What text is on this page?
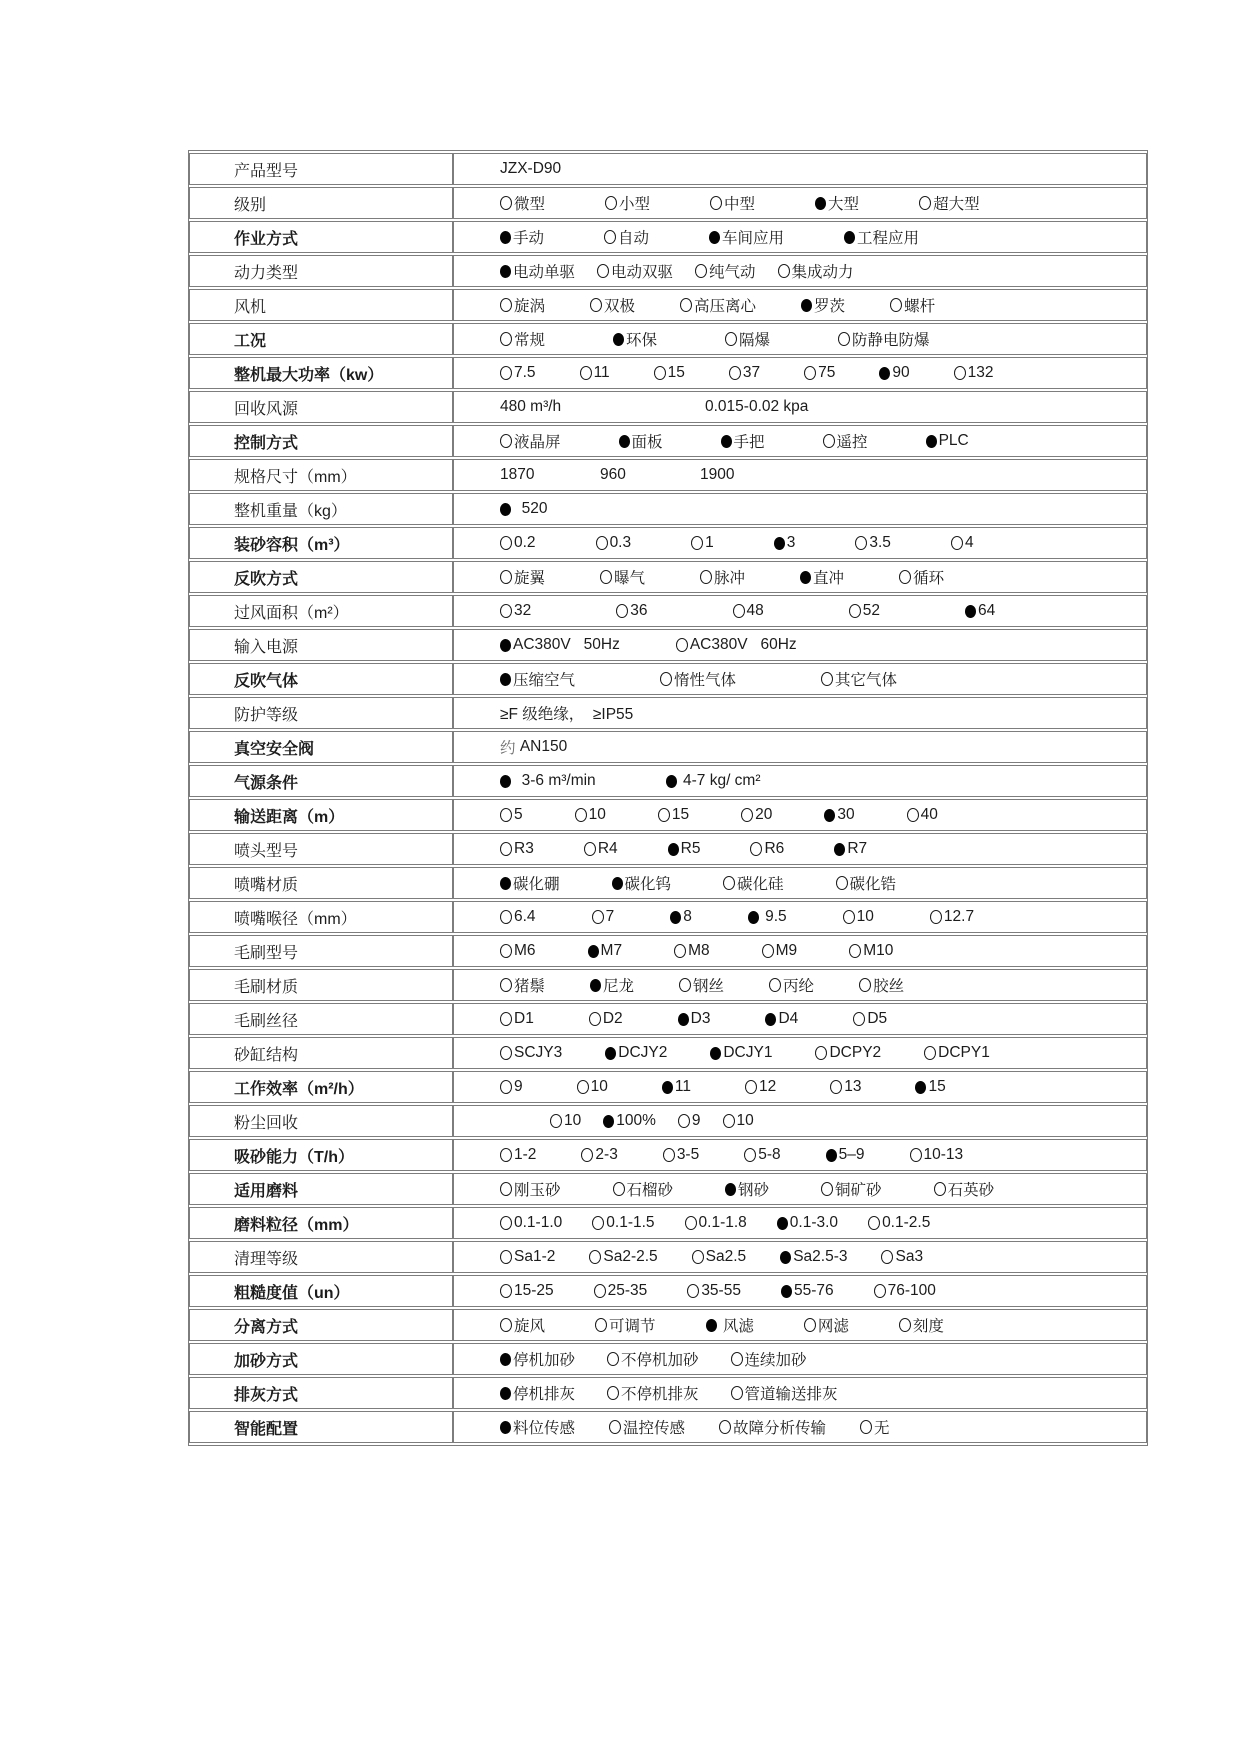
产品型号	JZX-D90

级别	微型 小型 中型 大型 超大型

作业方式	手动 自动 车间应用 工程应用

动力类型	电动单驱 电动双驱 纯气动 集成动力

风机	旋涡 双极 高压离心 罗茨 螺杆

工况	常规 环保 隔爆 防静电防爆

整机最大功率（kw）	7.5	11	15	37	75	90	132

回收风源	480 m³/h 0.015-0.02 kpa

控制方式	液晶屏 面板 手把 遥控 PLC

规格尺寸（mm）	1870 960 1900

整机重量（kg）	520

装砂容积（m³）	0.2	0.3	1	3	3.5	4

反吹方式	旋翼 曝气 脉冲 直冲 循环

过风面积（m²）	32 36 48 52 64

输入电源	AC380V   50Hz AC380V   60Hz

反吹气体	压缩空气 惰性气体 其它气体

防护等级	≥F 级绝缘，  ≥IP55

真空安全阀	约 AN150

气源条件	3-6 m³/min 4-7 kg/ cm²

输送距离（m）	5	10	15	20	30	40

喷头型号	R3 R4 R5 R6 R7

喷嘴材质	碳化硼 碳化钨 碳化硅 碳化锆

喷嘴喉径（mm）	6.4	7	8	9.5	10	12.7

毛刷型号	M6 M7 M8 M9 M10

毛刷材质	猪鬃 尼龙 钢丝 丙纶 胶丝

毛刷丝径	D1 D2 D3 D4 D5

砂缸结构	SCJY3 DCJY2 DCJY1 DCPY2 DCPY1

工作效率（m²/h）	9	10	11	12	13	15

粉尘回收	10 100% 9 10

吸砂能力（T/h）	1-2	2-3	3-5	5-8	5–9	10-13

适用磨料	刚玉砂 石榴砂 钢砂 铜矿砂 石英砂

磨料粒径（mm）	0.1-1.0 0.1-1.5 0.1-1.8 0.1-3.0 0.1-2.5

清理等级	Sa1-2 Sa2-2.5 Sa2.5 Sa2.5-3 Sa3

粗糙度值（un）	15-25 25-35 35-55 55-76 76-100

分离方式	旋风 可调节 风滤 网滤 刻度

加砂方式	停机加砂 不停机加砂 连续加砂

排灰方式	停机排灰 不停机排灰 管道输送排灰

智能配置	料位传感 温控传感 故障分析传输 无
